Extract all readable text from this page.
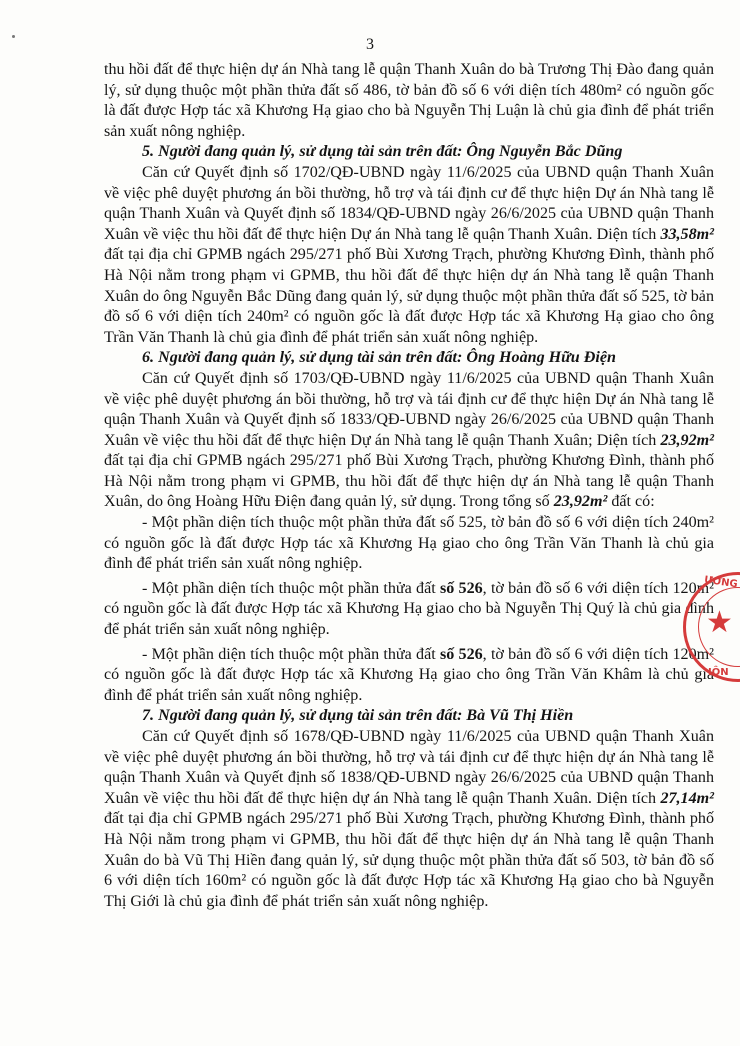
3

thu hồi đất để thực hiện dự án Nhà tang lễ quận Thanh Xuân do bà Trương Thị Đào đang quản lý, sử dụng thuộc một phần thửa đất số 486, tờ bản đồ số 6 với diện tích 480m² có nguồn gốc là đất được Hợp tác xã Khương Hạ giao cho bà Nguyễn Thị Luận là chủ gia đình để phát triển sản xuất nông nghiệp.

5. Người đang quản lý, sử dụng tài sản trên đất: Ông Nguyễn Bắc Dũng

Căn cứ Quyết định số 1702/QĐ-UBND ngày 11/6/2025 của UBND quận Thanh Xuân về việc phê duyệt phương án bồi thường, hỗ trợ và tái định cư để thực hiện Dự án Nhà tang lễ quận Thanh Xuân và Quyết định số 1834/QĐ-UBND ngày 26/6/2025 của UBND quận Thanh Xuân về việc thu hồi đất để thực hiện Dự án Nhà tang lễ quận Thanh Xuân. Diện tích 33,58m² đất tại địa chỉ GPMB ngách 295/271 phố Bùi Xương Trạch, phường Khương Đình, thành phố Hà Nội nằm trong phạm vi GPMB, thu hồi đất để thực hiện dự án Nhà tang lễ quận Thanh Xuân do ông Nguyễn Bắc Dũng đang quản lý, sử dụng thuộc một phần thửa đất số 525, tờ bản đồ số 6 với diện tích 240m² có nguồn gốc là đất được Hợp tác xã Khương Hạ giao cho ông Trần Văn Thanh là chủ gia đình để phát triển sản xuất nông nghiệp.

6. Người đang quản lý, sử dụng tài sản trên đất: Ông Hoàng Hữu Điện

Căn cứ Quyết định số 1703/QĐ-UBND ngày 11/6/2025 của UBND quận Thanh Xuân về việc phê duyệt phương án bồi thường, hỗ trợ và tái định cư để thực hiện Dự án Nhà tang lễ quận Thanh Xuân và Quyết định số 1833/QĐ-UBND ngày 26/6/2025 của UBND quận Thanh Xuân về việc thu hồi đất để thực hiện Dự án Nhà tang lễ quận Thanh Xuân; Diện tích 23,92m² đất tại địa chỉ GPMB ngách 295/271 phố Bùi Xương Trạch, phường Khương Đình, thành phố Hà Nội nằm trong phạm vi GPMB, thu hồi đất để thực hiện dự án Nhà tang lễ quận Thanh Xuân, do ông Hoàng Hữu Điện đang quản lý, sử dụng. Trong tổng số 23,92m² đất có:

- Một phần diện tích thuộc một phần thửa đất số 525, tờ bản đồ số 6 với diện tích 240m² có nguồn gốc là đất được Hợp tác xã Khương Hạ giao cho ông Trần Văn Thanh là chủ gia đình để phát triển sản xuất nông nghiệp.

- Một phần diện tích thuộc một phần thửa đất số 526, tờ bản đồ số 6 với diện tích 120m² có nguồn gốc là đất được Hợp tác xã Khương Hạ giao cho bà Nguyễn Thị Quý là chủ gia đình để phát triển sản xuất nông nghiệp.

- Một phần diện tích thuộc một phần thửa đất số 526, tờ bản đồ số 6 với diện tích 120m² có nguồn gốc là đất được Hợp tác xã Khương Hạ giao cho ông Trần Văn Khâm là chủ gia đình để phát triển sản xuất nông nghiệp.

7. Người đang quản lý, sử dụng tài sản trên đất: Bà Vũ Thị Hiền

Căn cứ Quyết định số 1678/QĐ-UBND ngày 11/6/2025 của UBND quận Thanh Xuân về việc phê duyệt phương án bồi thường, hỗ trợ và tái định cư để thực hiện dự án Nhà tang lễ quận Thanh Xuân và Quyết định số 1838/QĐ-UBND ngày 26/6/2025 của UBND quận Thanh Xuân về việc thu hồi đất để thực hiện dự án Nhà tang lễ quận Thanh Xuân. Diện tích 27,14m² đất tại địa chỉ GPMB ngách 295/271 phố Bùi Xương Trạch, phường Khương Đình, thành phố Hà Nội nằm trong phạm vi GPMB, thu hồi đất để thực hiện dự án Nhà tang lễ quận Thanh Xuân do bà Vũ Thị Hiền đang quản lý, sử dụng thuộc một phần thửa đất số 503, tờ bản đồ số 6 với diện tích 160m² có nguồn gốc là đất được Hợp tác xã Khương Hạ giao cho bà Nguyễn Thị Giới là chủ gia đình để phát triển sản xuất nông nghiệp.

★
ƯƠNG
IỘN
